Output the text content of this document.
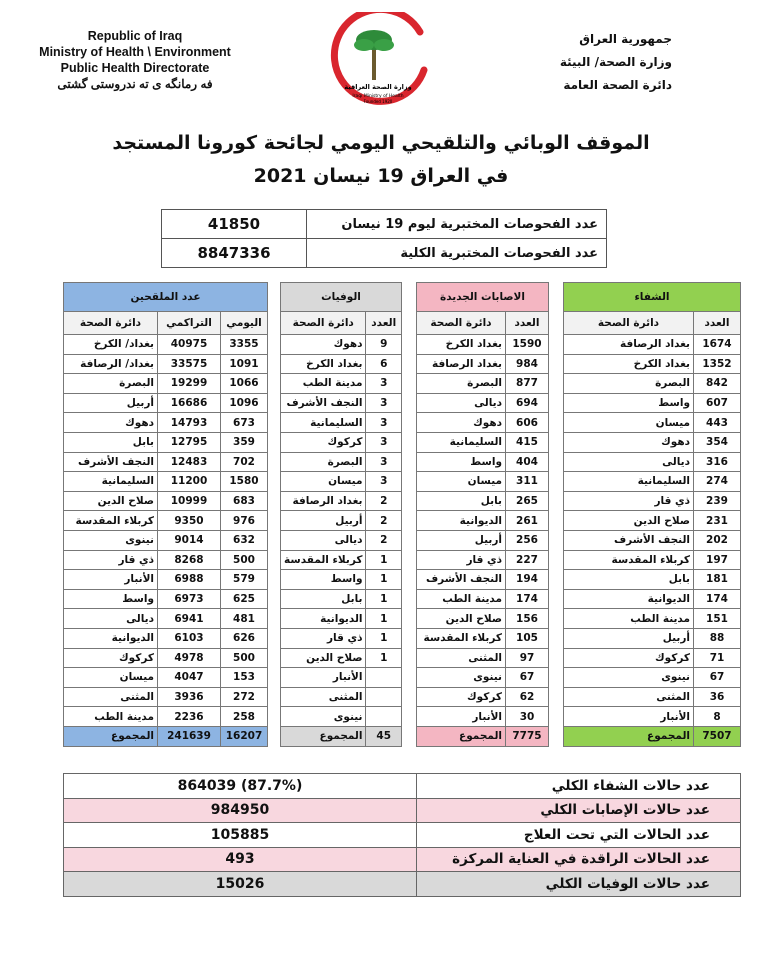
Republic of Iraq
Ministry of Health \ Environment
Public Health Directorate
فه رمانگه ی ته ندروستی گشتی	وزارة الصحة العراقية
Iraqi Ministry of Health
Founded 1920
جمهورية العراق
وزارة الصحة/ البيئة
دائرة الصحة العامة
الموقف الوبائي والتلقيحي اليومي لجائحة كورونا المستجد
في العراق 19 نيسان 2021
41850	عدد الفحوصات المختبرية ليوم 19 نيسان
8847336	عدد الفحوصات المختبرية الكلية
الشفاء	
دائرة الصحة	العدد
بغداد الرصافة	1674
بغداد الكرخ	1352
البصرة	842
واسط	607
ميسان	443
دهوك	354
ديالى	316
السليمانية	274
ذي قار	239
صلاح الدين	231
النجف الأشرف	202
كربلاء المقدسة	197
بابل	181
الديوانية	174
مدينة الطب	151
أربيل	88
كركوك	71
نينوى	67
المثنى	36
الأنبار	8
المجموع	7507
الاصابات الجديدة	
دائرة الصحة	العدد
بغداد الكرخ	1590
بغداد الرصافة	984
البصرة	877
ديالى	694
دهوك	606
السليمانية	415
واسط	404
ميسان	311
بابل	265
الديوانية	261
أربيل	256
ذي قار	227
النجف الأشرف	194
مدينة الطب	174
صلاح الدين	156
كربلاء المقدسة	105
المثنى	97
نينوى	67
كركوك	62
الأنبار	30
المجموع	7775
الوفيات	
دائرة الصحة	العدد
دهوك	9
بغداد الكرخ	6
مدينة الطب	3
النجف الأشرف	3
السليمانية	3
كركوك	3
البصرة	3
ميسان	3
بغداد الرصافة	2
أربيل	2
ديالى	2
كربلاء المقدسة	1
واسط	1
بابل	1
الديوانية	1
ذي قار	1
صلاح الدين	1
الأنبار	
المثنى	
نينوى	
المجموع	45
عدد الملقحين		
دائرة الصحة	التراكمي	اليومي
بغداد/ الكرخ	40975	3355
بغداد/ الرصافة	33575	1091
البصرة	19299	1066
أربيل	16686	1096
دهوك	14793	673
بابل	12795	359
النجف الأشرف	12483	702
السليمانية	11200	1580
صلاح الدين	10999	683
كربلاء المقدسة	9350	976
نينوى	9014	632
ذي قار	8268	500
الأنبار	6988	579
واسط	6973	625
ديالى	6941	481
الديوانية	6103	626
كركوك	4978	500
ميسان	4047	153
المثنى	3936	272
مدينة الطب	2236	258
المجموع	241639	16207
864039 (87.7%)	عدد حالات الشفاء الكلي
984950	عدد حالات الإصابات الكلي
105885	عدد الحالات التي تحت العلاج
493	عدد الحالات الراقدة في العناية المركزة
15026	عدد حالات الوفيات الكلي
